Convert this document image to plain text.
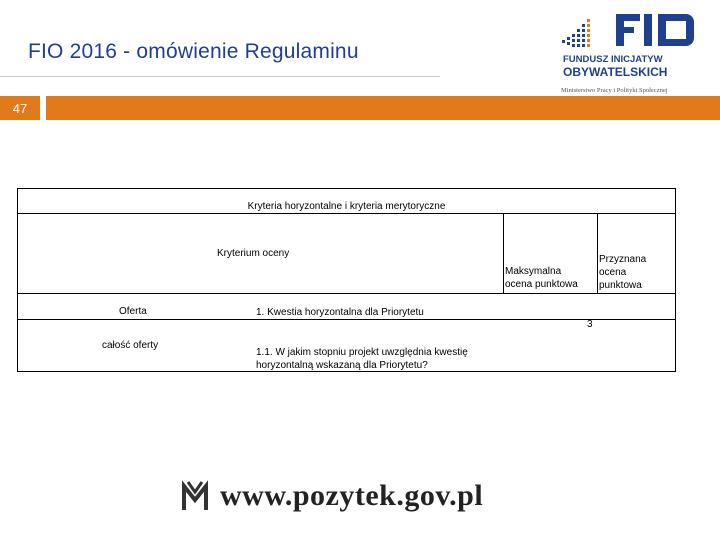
FIO 2016 - omówienie Regulaminu	FUNDUSZ INICJATYW
OBYWATELSKICH
Ministerstwo Pracy i Polityki Społecznej
47
Kryteria horyzontalne i kryteria merytoryczne
Kryterium oceny
Maksymalna ocena punktowa
Przyznana ocena punktowa
Oferta	1. Kwestia horyzontalna dla Priorytetu
3
całość oferty
1.1. W jakim stopniu projekt uwzględnia kwestię horyzontalną wskazaną dla Priorytetu?
www.pozytek.gov.pl
